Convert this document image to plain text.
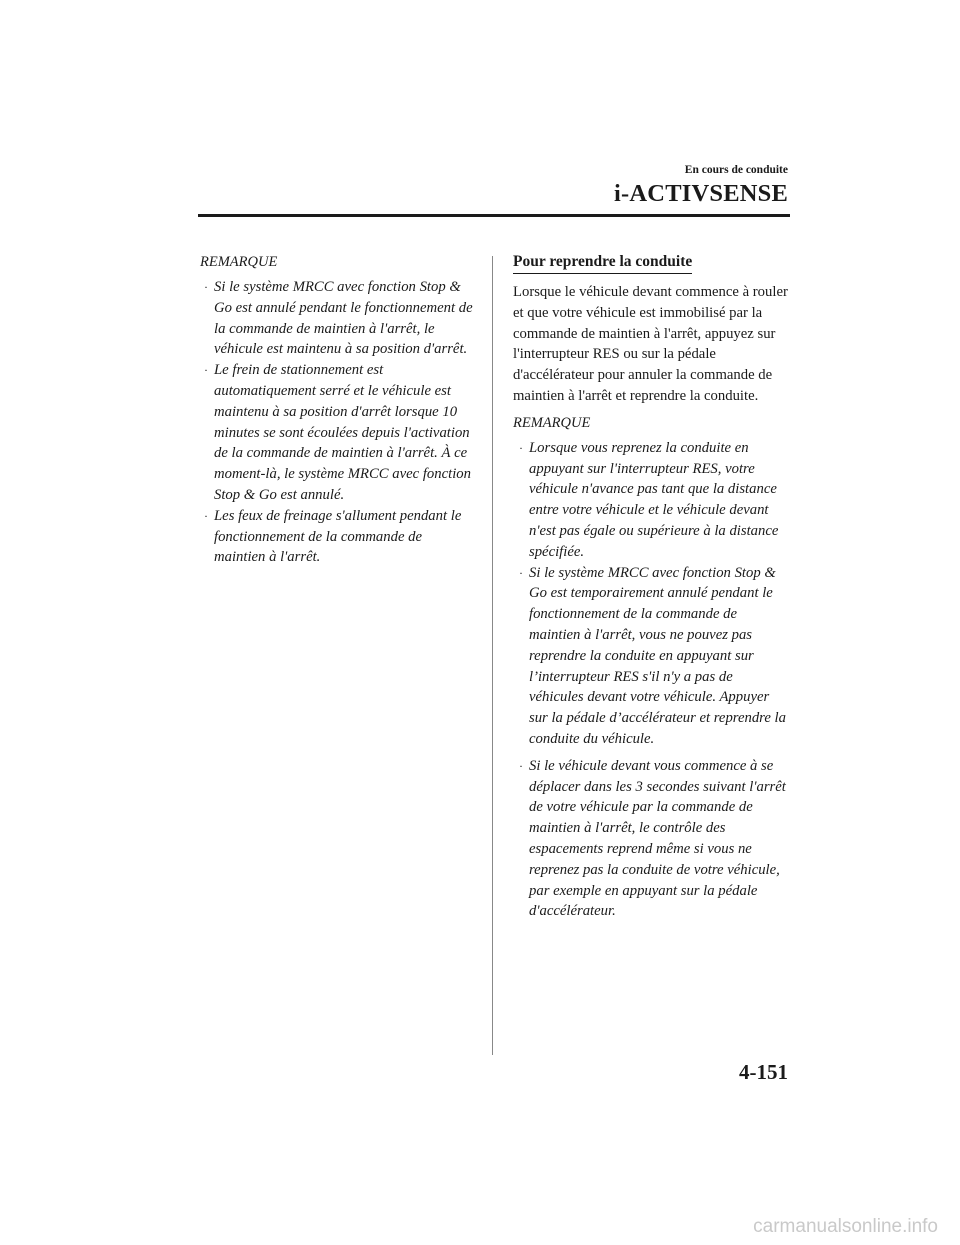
En cours de conduite
i-ACTIVSENSE

REMARQUE

· Si le système MRCC avec fonction Stop & Go est annulé pendant le fonctionnement de la commande de maintien à l'arrêt, le véhicule est maintenu à sa position d'arrêt.
· Le frein de stationnement est automatiquement serré et le véhicule est maintenu à sa position d'arrêt lorsque 10 minutes se sont écoulées depuis l'activation de la commande de maintien à l'arrêt. À ce moment-là, le système MRCC avec fonction Stop & Go est annulé.
· Les feux de freinage s'allument pendant le fonctionnement de la commande de maintien à l'arrêt.
Pour reprendre la conduite

Lorsque le véhicule devant commence à rouler et que votre véhicule est immobilisé par la commande de maintien à l'arrêt, appuyez sur l'interrupteur RES ou sur la pédale d'accélérateur pour annuler la commande de maintien à l'arrêt et reprendre la conduite.

REMARQUE

· Lorsque vous reprenez la conduite en appuyant sur l'interrupteur RES, votre véhicule n'avance pas tant que la distance entre votre véhicule et le véhicule devant n'est pas égale ou supérieure à la distance spécifiée.
· Si le système MRCC avec fonction Stop & Go est temporairement annulé pendant le fonctionnement de la commande de maintien à l'arrêt, vous ne pouvez pas reprendre la conduite en appuyant sur l’interrupteur RES s'il n'y a pas de véhicules devant votre véhicule. Appuyer sur la pédale d’accélérateur et reprendre la conduite du véhicule.
· Si le véhicule devant vous commence à se déplacer dans les 3 secondes suivant l'arrêt de votre véhicule par la commande de maintien à l'arrêt, le contrôle des espacements reprend même si vous ne reprenez pas la conduite de votre véhicule, par exemple en appuyant sur la pédale d'accélérateur.
4-151
carmanualsonline.info
